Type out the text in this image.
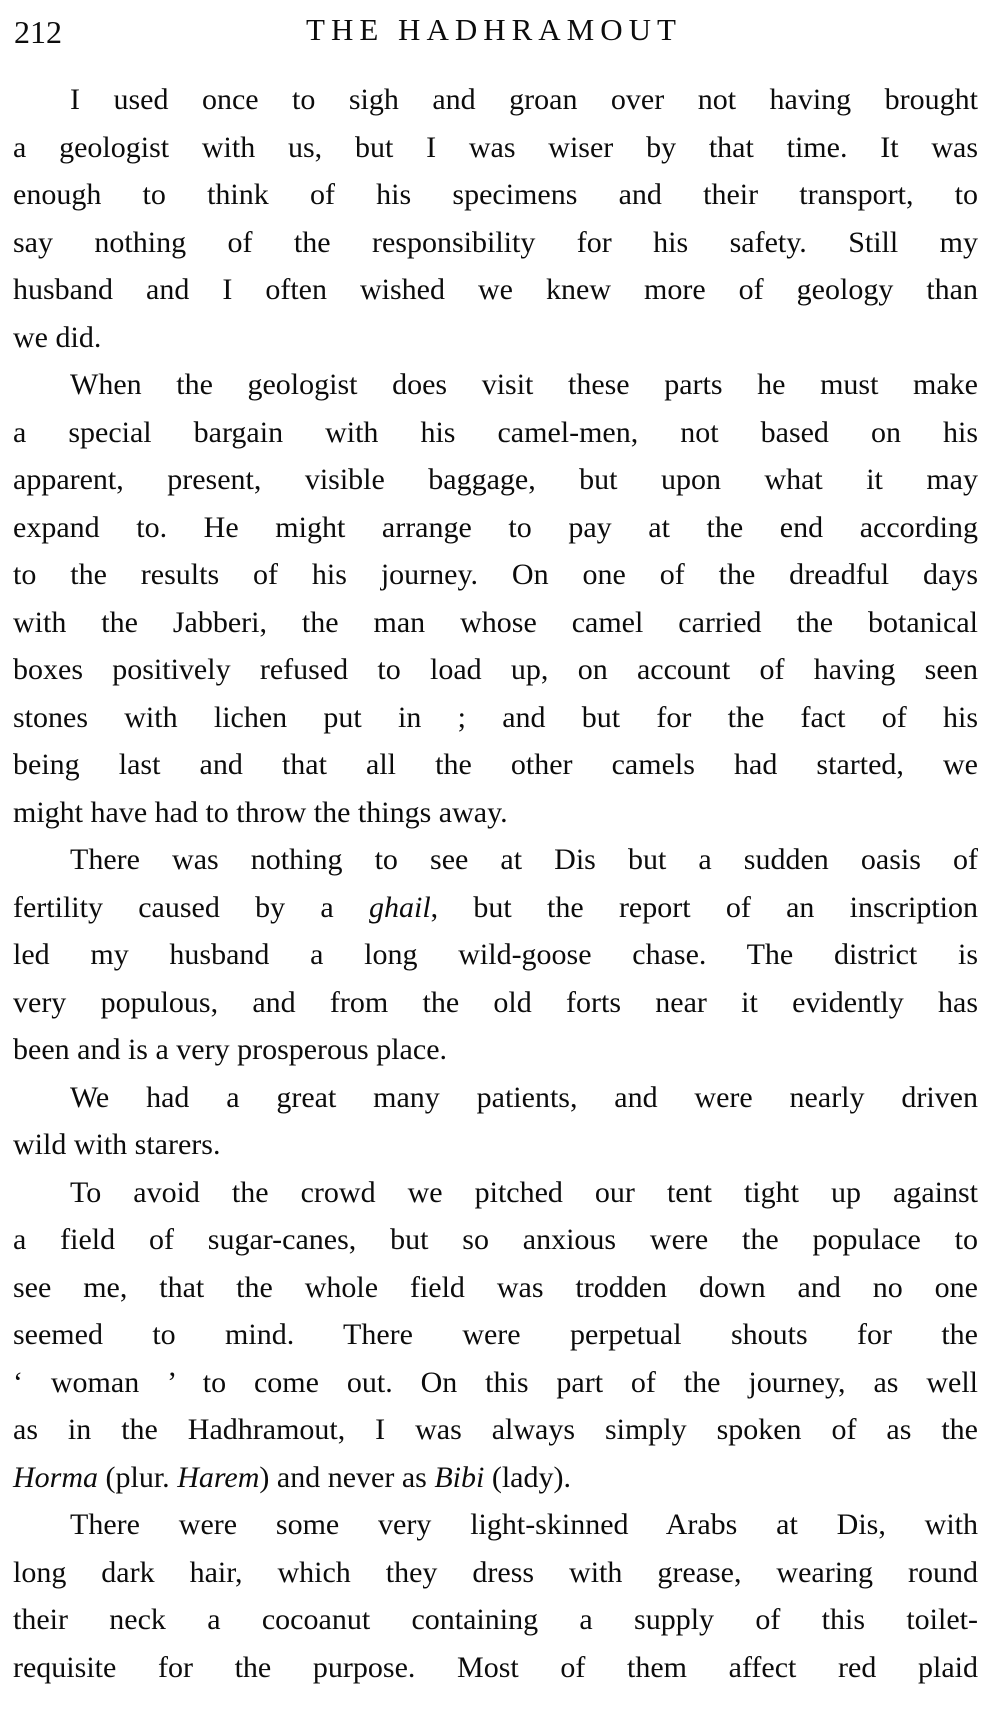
212	THE HADHRAMOUT
I used once to sigh and groan over not having brought
a geologist with us, but I was wiser by that time. It was
enough to think of his specimens and their transport, to
say nothing of the responsibility for his safety. Still my
husband and I often wished we knew more of geology than
we did.
When the geologist does visit these parts he must make
a special bargain with his camel-men, not based on his
apparent, present, visible baggage, but upon what it may
expand to. He might arrange to pay at the end according
to the results of his journey. On one of the dreadful days
with the Jabberi, the man whose camel carried the botanical
boxes positively refused to load up, on account of having seen
stones with lichen put in ; and but for the fact of his
being last and that all the other camels had started, we
might have had to throw the things away.
There was nothing to see at Dis but a sudden oasis of
fertility caused by a ghail, but the report of an inscription
led my husband a long wild-goose chase. The district is
very populous, and from the old forts near it evidently has
been and is a very prosperous place.
We had a great many patients, and were nearly driven
wild with starers.
To avoid the crowd we pitched our tent tight up against
a field of sugar-canes, but so anxious were the populace to
see me, that the whole field was trodden down and no one
seemed to mind. There were perpetual shouts for the
‘ woman ’ to come out. On this part of the journey, as well
as in the Hadhramout, I was always simply spoken of as the
Horma (plur. Harem) and never as Bibi (lady).
There were some very light-skinned Arabs at Dis, with
long dark hair, which they dress with grease, wearing round
their neck a cocoanut containing a supply of this toilet-
requisite for the purpose. Most of them affect red plaid
